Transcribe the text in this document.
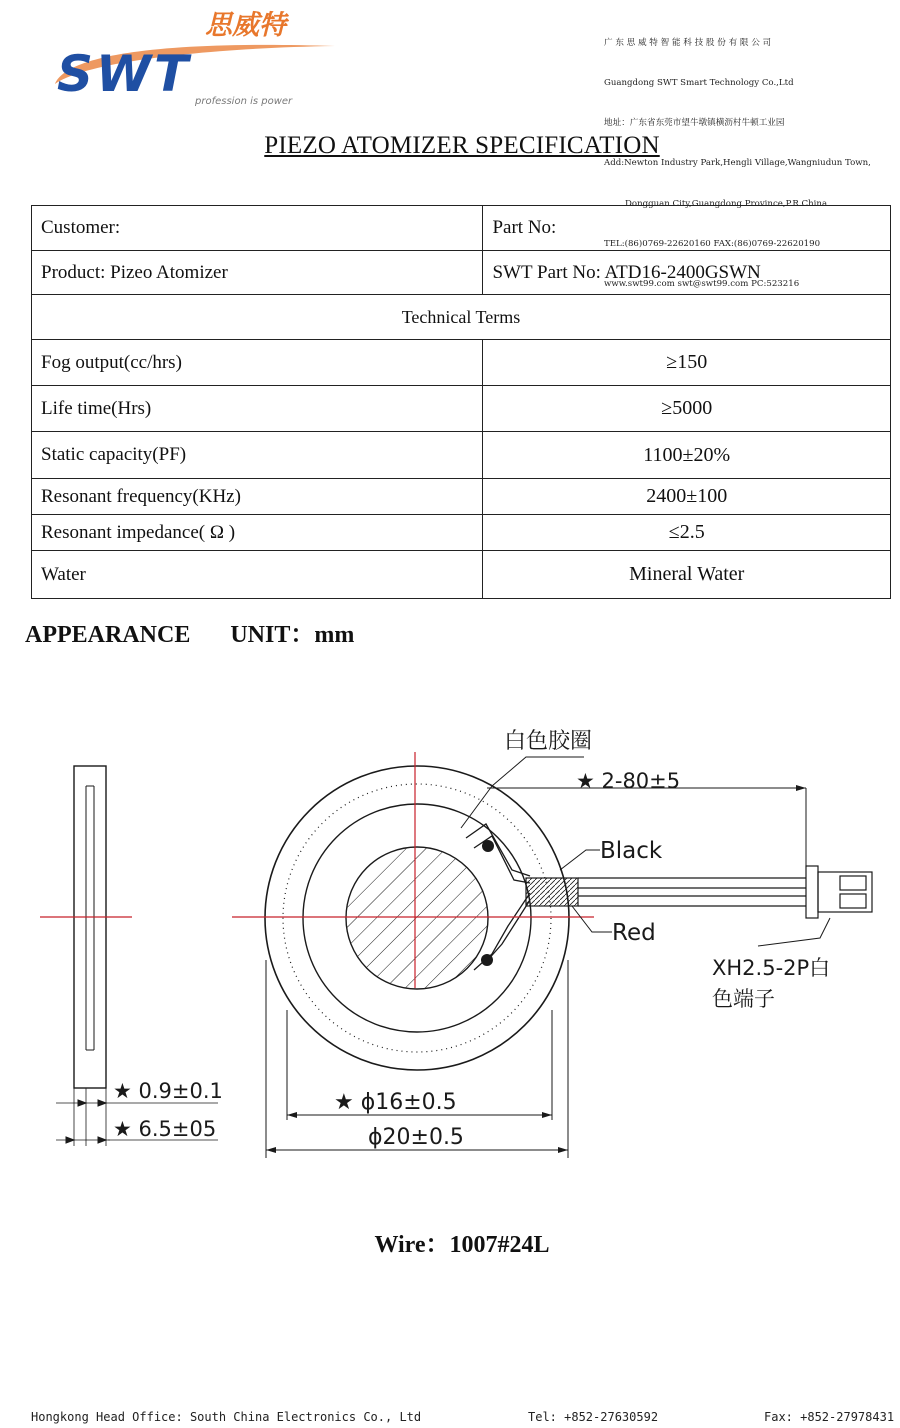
思威特
SWT profession is power

广 东 思 威 特 智 能 科 技 股 份 有 限 公 司

Guangdong SWT Smart Technology Co.,Ltd

地址：广东省东莞市望牛墩镇横沥村牛顿工业园

Add:Newton Industry Park,Hengli Village,Wangniudun Town,

Dongguan City,Guangdong Province,P.R.China

TEL:(86)0769-22620160 FAX:(86)0769-22620190

www.swt99.com swt@swt99.com PC:523216

PIEZO ATOMIZER SPECIFICATION
Customer:	Part No:
Product: Pizeo Atomizer	SWT Part No: ATD16-2400GSWN
Technical Terms	
Fog output(cc/hrs)	≥150
Life time(Hrs)	≥5000
Static capacity(PF)	1100±20%
Resonant frequency(KHz)	2400±100
Resonant impedance( Ω )	≤2.5
Water	Mineral Water
APPEARANCE UNIT：mm
★ 0.9±0.1
★ 6.5±05
白色胶圈
★ 2-80±5
Black
Red
XH2.5-2P白
色端子
★ ϕ16±0.5
ϕ20±0.5
Wire：1007#24L
Hongkong Head Office: South China Electronics Co., Ltd	Tel: +852-27630592	Fax: +852-27978431
